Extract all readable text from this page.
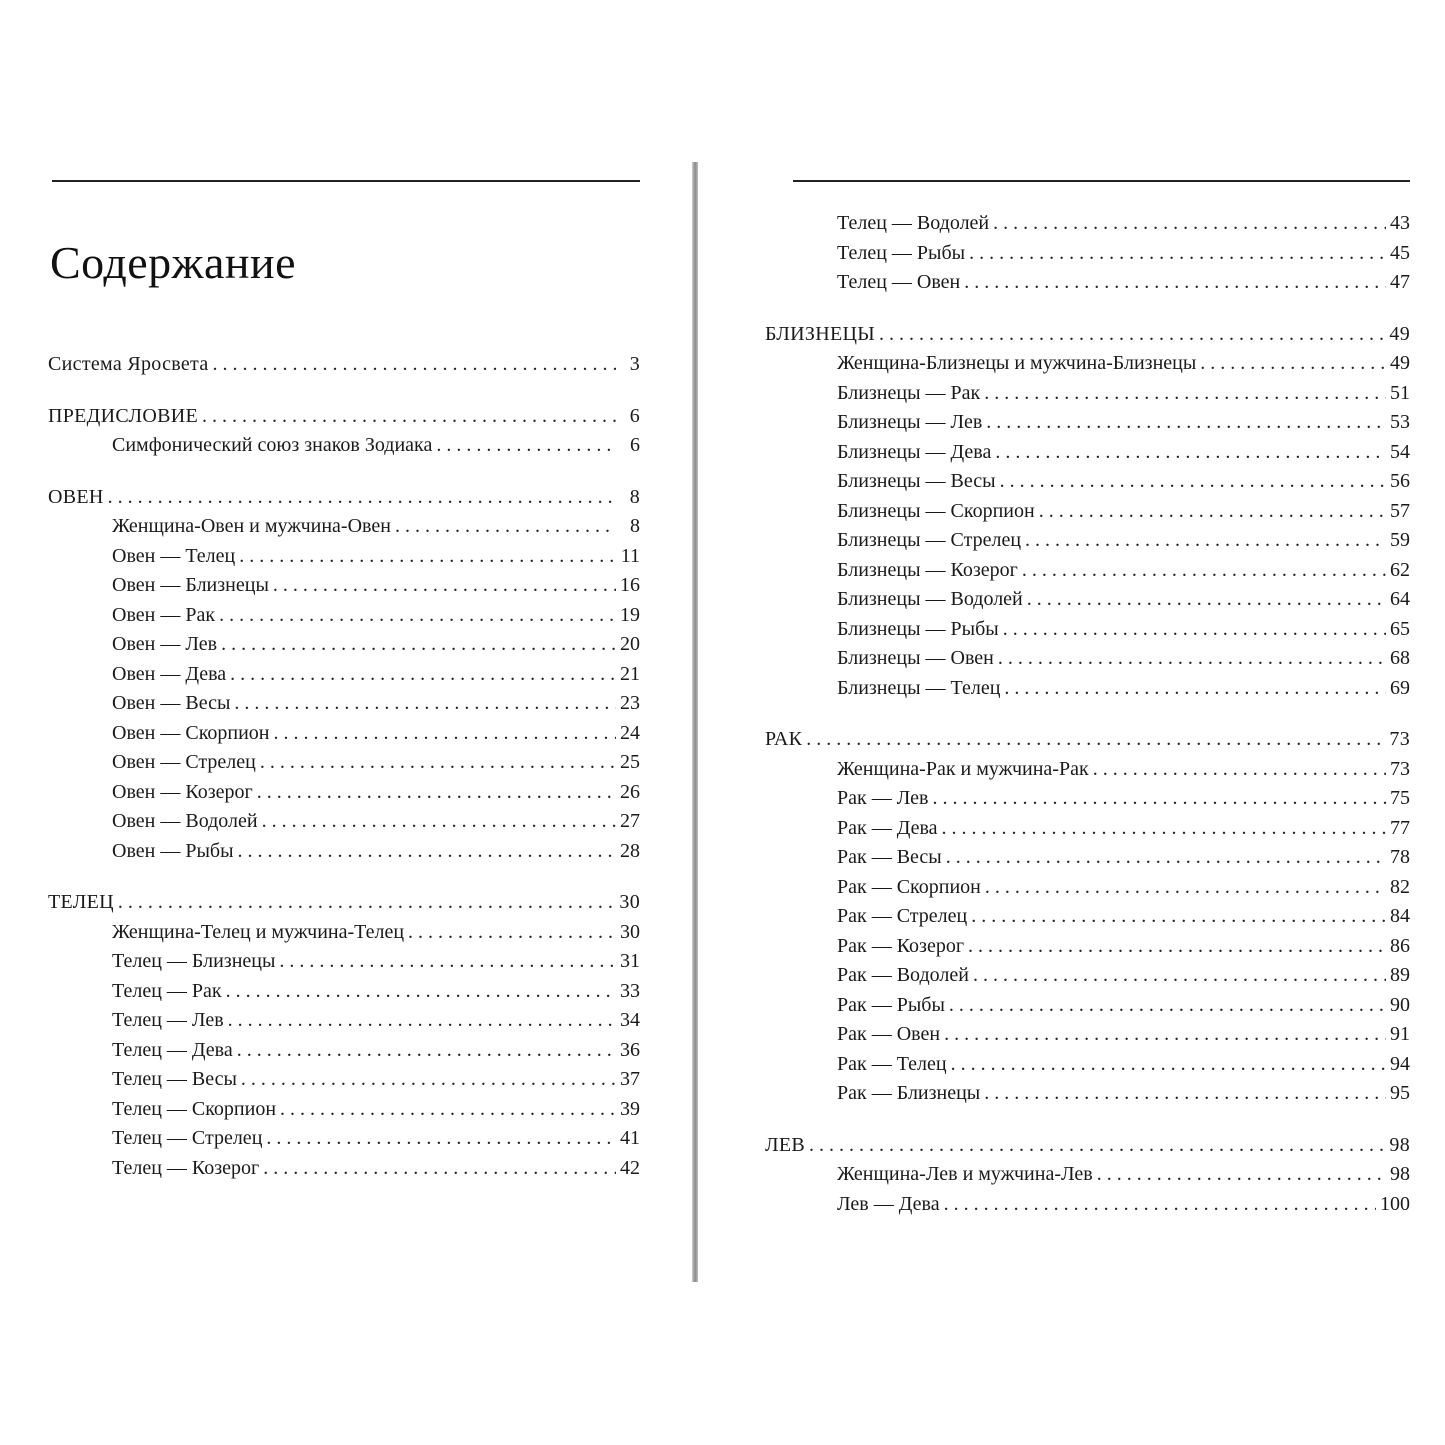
Содержание
Система Яросвета . . .	3
ПРЕДИСЛОВИЕ . . .	6
Симфонический союз знаков Зодиака . . .	6
ОВЕН . . .	8
Женщина-Овен и мужчина-Овен . . .	8
Овен — Телец . . .	11
Овен — Близнецы . . .	16
Овен — Рак . . .	19
Овен — Лев . . .	20
Овен — Дева . . .	21
Овен — Весы . . .	23
Овен — Скорпион . . .	24
Овен — Стрелец . . .	25
Овен — Козерог . . .	26
Овен — Водолей . . .	27
Овен — Рыбы . . .	28
ТЕЛЕЦ . . .	30
Женщина-Телец и мужчина-Телец . . .	30
Телец — Близнецы . . .	31
Телец — Рак . . .	33
Телец — Лев . . .	34
Телец — Дева . . .	36
Телец — Весы . . .	37
Телец — Скорпион . . .	39
Телец — Стрелец . . .	41
Телец — Козерог . . .	42
Телец — Водолей . . .	43
Телец — Рыбы . . .	45
Телец — Овен . . .	47
БЛИЗНЕЦЫ . . .	49
Женщина-Близнецы и мужчина-Близнецы . . .	49
Близнецы — Рак . . .	51
Близнецы — Лев . . .	53
Близнецы — Дева . . .	54
Близнецы — Весы . . .	56
Близнецы — Скорпион . . .	57
Близнецы — Стрелец . . .	59
Близнецы — Козерог . . .	62
Близнецы — Водолей . . .	64
Близнецы — Рыбы . . .	65
Близнецы — Овен . . .	68
Близнецы — Телец . . .	69
РАК . . .	73
Женщина-Рак и мужчина-Рак . . .	73
Рак — Лев . . .	75
Рак — Дева . . .	77
Рак — Весы . . .	78
Рак — Скорпион . . .	82
Рак — Стрелец . . .	84
Рак — Козерог . . .	86
Рак — Водолей . . .	89
Рак — Рыбы . . .	90
Рак — Овен . . .	91
Рак — Телец . . .	94
Рак — Близнецы . . .	95
ЛЕВ . . .	98
Женщина-Лев и мужчина-Лев . . .	98
Лев — Дева . . .	100
